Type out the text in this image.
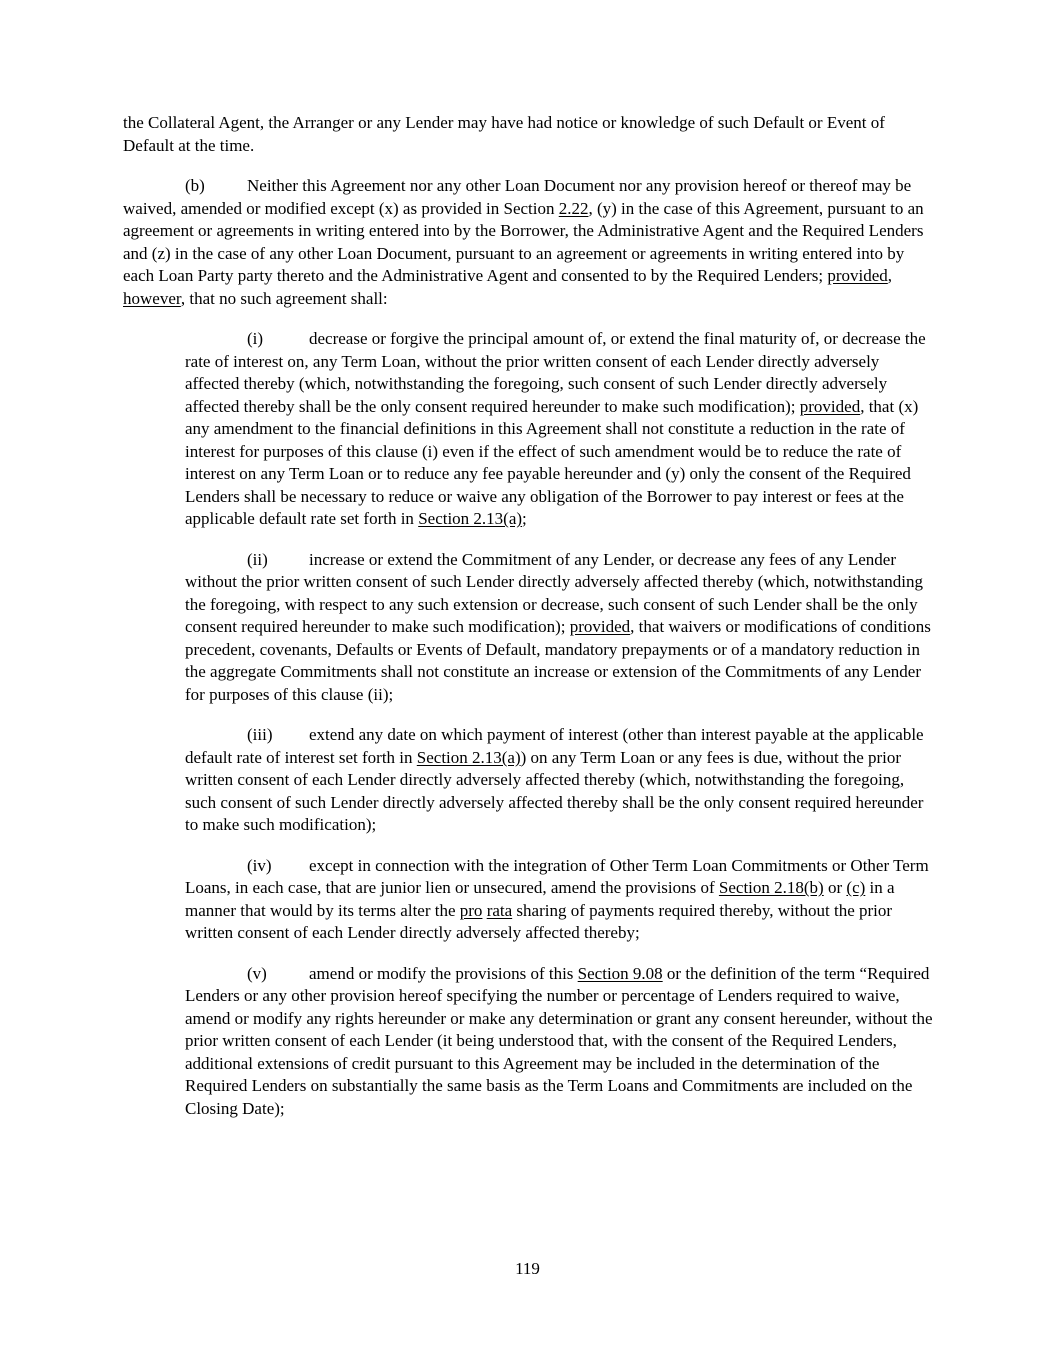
the Collateral Agent, the Arranger or any Lender may have had notice or knowledge of such Default or Event of Default at the time.
(b) Neither this Agreement nor any other Loan Document nor any provision hereof or thereof may be waived, amended or modified except (x) as provided in Section 2.22, (y) in the case of this Agreement, pursuant to an agreement or agreements in writing entered into by the Borrower, the Administrative Agent and the Required Lenders and (z) in the case of any other Loan Document, pursuant to an agreement or agreements in writing entered into by each Loan Party party thereto and the Administrative Agent and consented to by the Required Lenders; provided, however, that no such agreement shall:
(i)	decrease or forgive the principal amount of, or extend the final maturity of, or decrease the rate of interest on, any Term Loan, without the prior written consent of each Lender directly adversely affected thereby (which, notwithstanding the foregoing, such consent of such Lender directly adversely affected thereby shall be the only consent required hereunder to make such modification); provided, that (x) any amendment to the financial definitions in this Agreement shall not constitute a reduction in the rate of interest for purposes of this clause (i) even if the effect of such amendment would be to reduce the rate of interest on any Term Loan or to reduce any fee payable hereunder and (y) only the consent of the Required Lenders shall be necessary to reduce or waive any obligation of the Borrower to pay interest or fees at the applicable default rate set forth in Section 2.13(a);
(ii) increase or extend the Commitment of any Lender, or decrease any fees of any Lender without the prior written consent of such Lender directly adversely affected thereby (which, notwithstanding the foregoing, with respect to any such extension or decrease, such consent of such Lender shall be the only consent required hereunder to make such modification); provided, that waivers or modifications of conditions precedent, covenants, Defaults or Events of Default, mandatory prepayments or of a mandatory reduction in the aggregate Commitments shall not constitute an increase or extension of the Commitments of any Lender for purposes of this clause (ii);
(iii) extend any date on which payment of interest (other than interest payable at the applicable default rate of interest set forth in Section 2.13(a)) on any Term Loan or any fees is due, without the prior written consent of each Lender directly adversely affected thereby (which, notwithstanding the foregoing, such consent of such Lender directly adversely affected thereby shall be the only consent required hereunder to make such modification);
(iv) except in connection with the integration of Other Term Loan Commitments or Other Term Loans, in each case, that are junior lien or unsecured, amend the provisions of Section 2.18(b) or (c) in a manner that would by its terms alter the pro rata sharing of payments required thereby, without the prior written consent of each Lender directly adversely affected thereby;
(v) amend or modify the provisions of this Section 9.08 or the definition of the term “Required Lenders or any other provision hereof specifying the number or percentage of Lenders required to waive, amend or modify any rights hereunder or make any determination or grant any consent hereunder, without the prior written consent of each Lender (it being understood that, with the consent of the Required Lenders, additional extensions of credit pursuant to this Agreement may be included in the determination of the Required Lenders on substantially the same basis as the Term Loans and Commitments are included on the Closing Date);
119
